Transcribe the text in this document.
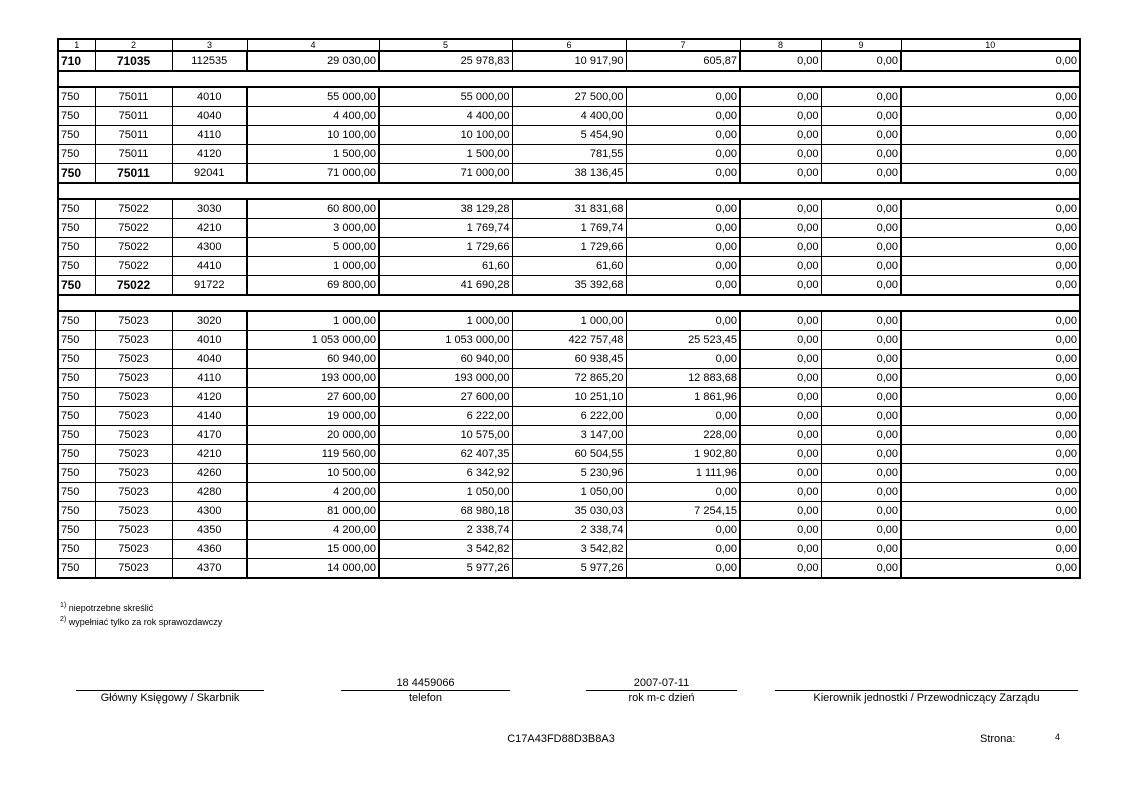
1	2	3	4	5	6	7	8	9	10
710	71035	112535	29 030,00	25 978,83	10 917,90	605,87	0,00	0,00	0,00

750	75011	4010	55 000,00	55 000,00	27 500,00	0,00	0,00	0,00	0,00
750	75011	4040	4 400,00	4 400,00	4 400,00	0,00	0,00	0,00	0,00
750	75011	4110	10 100,00	10 100,00	5 454,90	0,00	0,00	0,00	0,00
750	75011	4120	1 500,00	1 500,00	781,55	0,00	0,00	0,00	0,00
750	75011	92041	71 000,00	71 000,00	38 136,45	0,00	0,00	0,00	0,00

750	75022	3030	60 800,00	38 129,28	31 831,68	0,00	0,00	0,00	0,00
750	75022	4210	3 000,00	1 769,74	1 769,74	0,00	0,00	0,00	0,00
750	75022	4300	5 000,00	1 729,66	1 729,66	0,00	0,00	0,00	0,00
750	75022	4410	1 000,00	61,60	61,60	0,00	0,00	0,00	0,00
750	75022	91722	69 800,00	41 690,28	35 392,68	0,00	0,00	0,00	0,00

750	75023	3020	1 000,00	1 000,00	1 000,00	0,00	0,00	0,00	0,00
750	75023	4010	1 053 000,00	1 053 000,00	422 757,48	25 523,45	0,00	0,00	0,00
750	75023	4040	60 940,00	60 940,00	60 938,45	0,00	0,00	0,00	0,00
750	75023	4110	193 000,00	193 000,00	72 865,20	12 883,68	0,00	0,00	0,00
750	75023	4120	27 600,00	27 600,00	10 251,10	1 861,96	0,00	0,00	0,00
750	75023	4140	19 000,00	6 222,00	6 222,00	0,00	0,00	0,00	0,00
750	75023	4170	20 000,00	10 575,00	3 147,00	228,00	0,00	0,00	0,00
750	75023	4210	119 560,00	62 407,35	60 504,55	1 902,80	0,00	0,00	0,00
750	75023	4260	10 500,00	6 342,92	5 230,96	1 111,96	0,00	0,00	0,00
750	75023	4280	4 200,00	1 050,00	1 050,00	0,00	0,00	0,00	0,00
750	75023	4300	81 000,00	68 980,18	35 030,03	7 254,15	0,00	0,00	0,00
750	75023	4350	4 200,00	2 338,74	2 338,74	0,00	0,00	0,00	0,00
750	75023	4360	15 000,00	3 542,82	3 542,82	0,00	0,00	0,00	0,00
750	75023	4370	14 000,00	5 977,26	5 977,26	0,00	0,00	0,00	0,00
$^{1)}$ niepotrzebne skreślić
$^{2)}$ wypełniać tylko za rok sprawozdawczy
Główny Księgowy / Skarbnik
18 4459066
telefon
2007-07-11
rok m-c dzień	Kierownik jednostki / Przewodniczący Zarządu
C17A43FD88D3B8A3	Strona:	4
